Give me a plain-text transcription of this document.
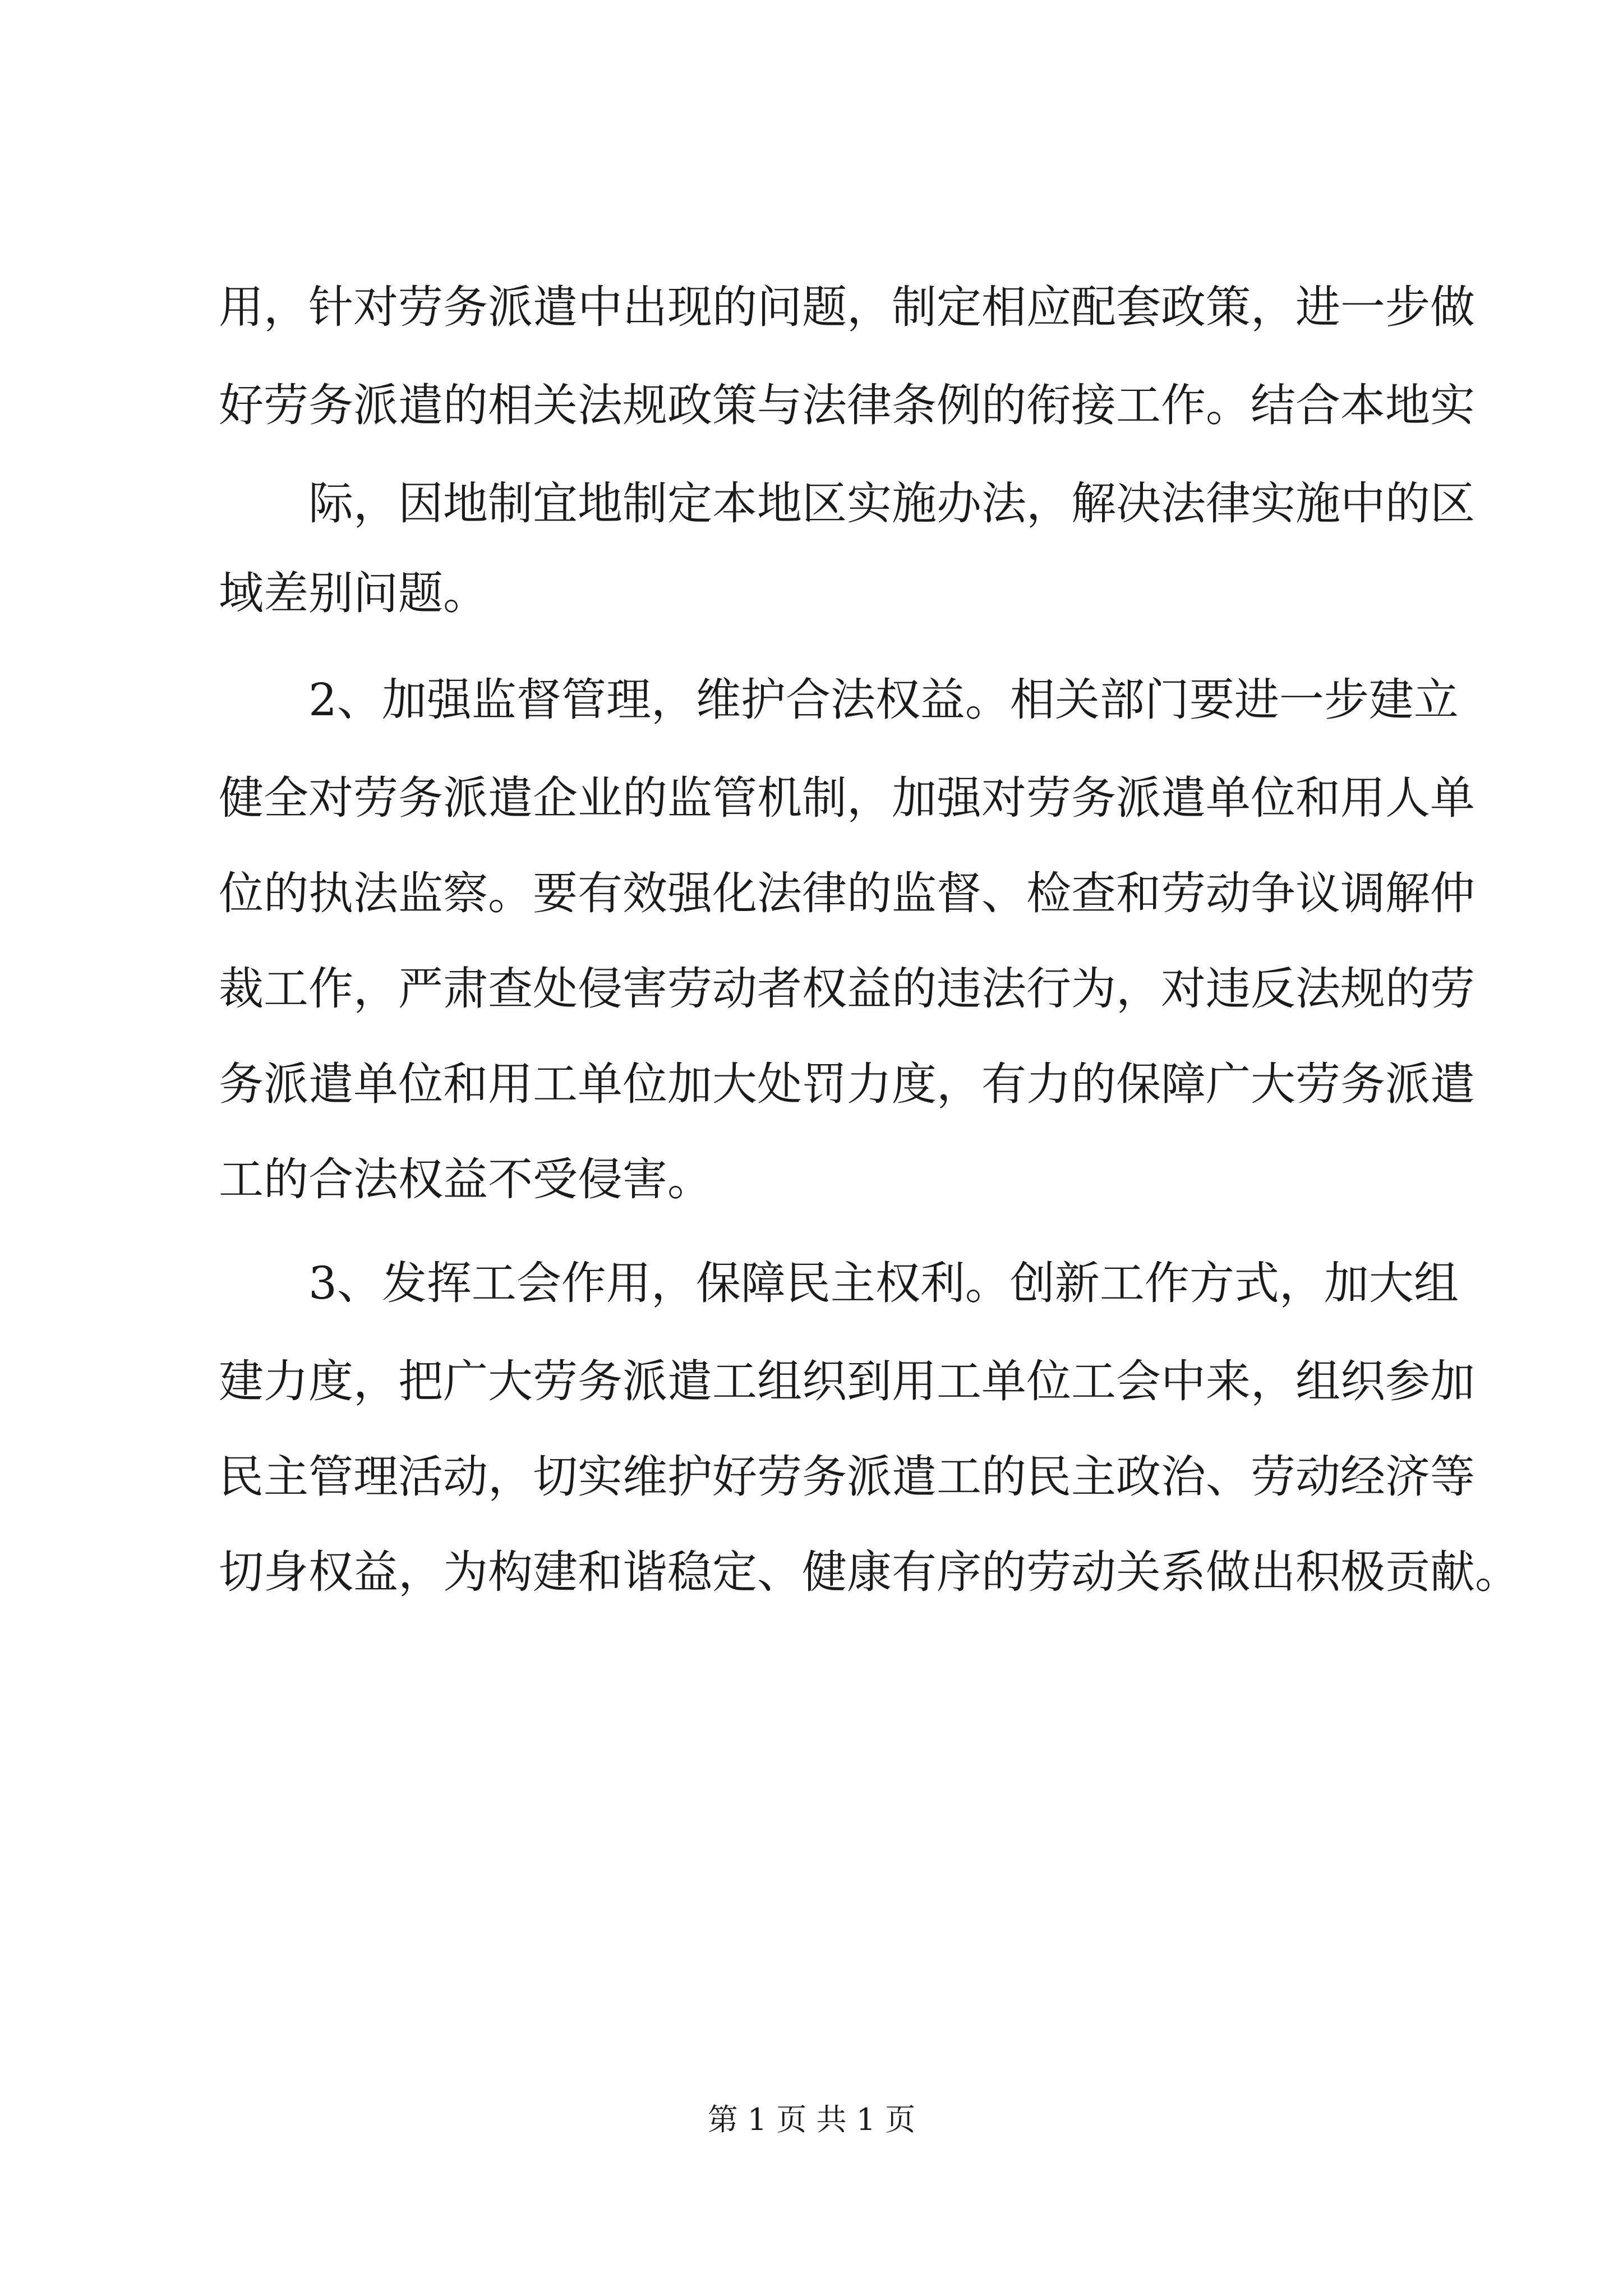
用，针对劳务派遣中出现的问题，制定相应配套政策，进一步做

好劳务派遣的相关法规政策与法律条例的衔接工作。结合本地实

际，因地制宜地制定本地区实施办法，解决法律实施中的区

域差别问题。

2、加强监督管理，维护合法权益。相关部门要进一步建立

健全对劳务派遣企业的监管机制，加强对劳务派遣单位和用人单

位的执法监察。要有效强化法律的监督、检查和劳动争议调解仲

裁工作，严肃查处侵害劳动者权益的违法行为，对违反法规的劳

务派遣单位和用工单位加大处罚力度，有力的保障广大劳务派遣

工的合法权益不受侵害。

3、发挥工会作用，保障民主权利。创新工作方式，加大组

建力度，把广大劳务派遣工组织到用工单位工会中来，组织参加

民主管理活动，切实维护好劳务派遣工的民主政治、劳动经济等

切身权益，为构建和谐稳定、健康有序的劳动关系做出积极贡献。

第 1 页 共 1 页
